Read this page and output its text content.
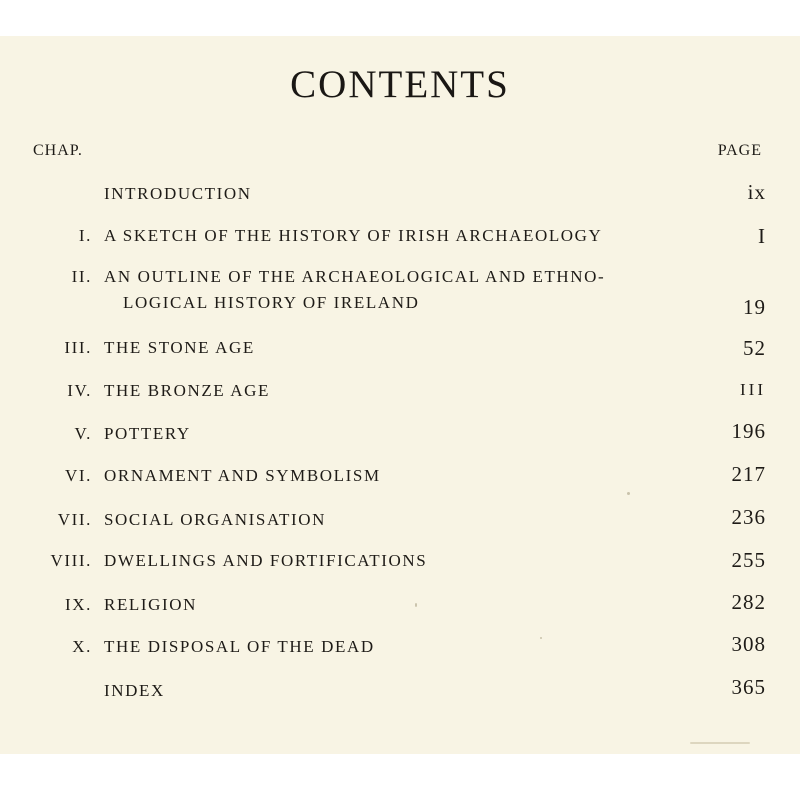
CONTENTS
CHAP.	PAGE
INTRODUCTION	ix
I. A SKETCH OF THE HISTORY OF IRISH ARCHAEOLOGY	I
II. AN OUTLINE OF THE ARCHAEOLOGICAL AND ETHNO-
LOGICAL HISTORY OF IRELAND	19
III. THE STONE AGE	52
IV. THE BRONZE AGE	III
V. POTTERY	196
VI. ORNAMENT AND SYMBOLISM	217
VII. SOCIAL ORGANISATION	236
VIII. DWELLINGS AND FORTIFICATIONS	255
IX. RELIGION	282
X. THE DISPOSAL OF THE DEAD	308
INDEX	365
